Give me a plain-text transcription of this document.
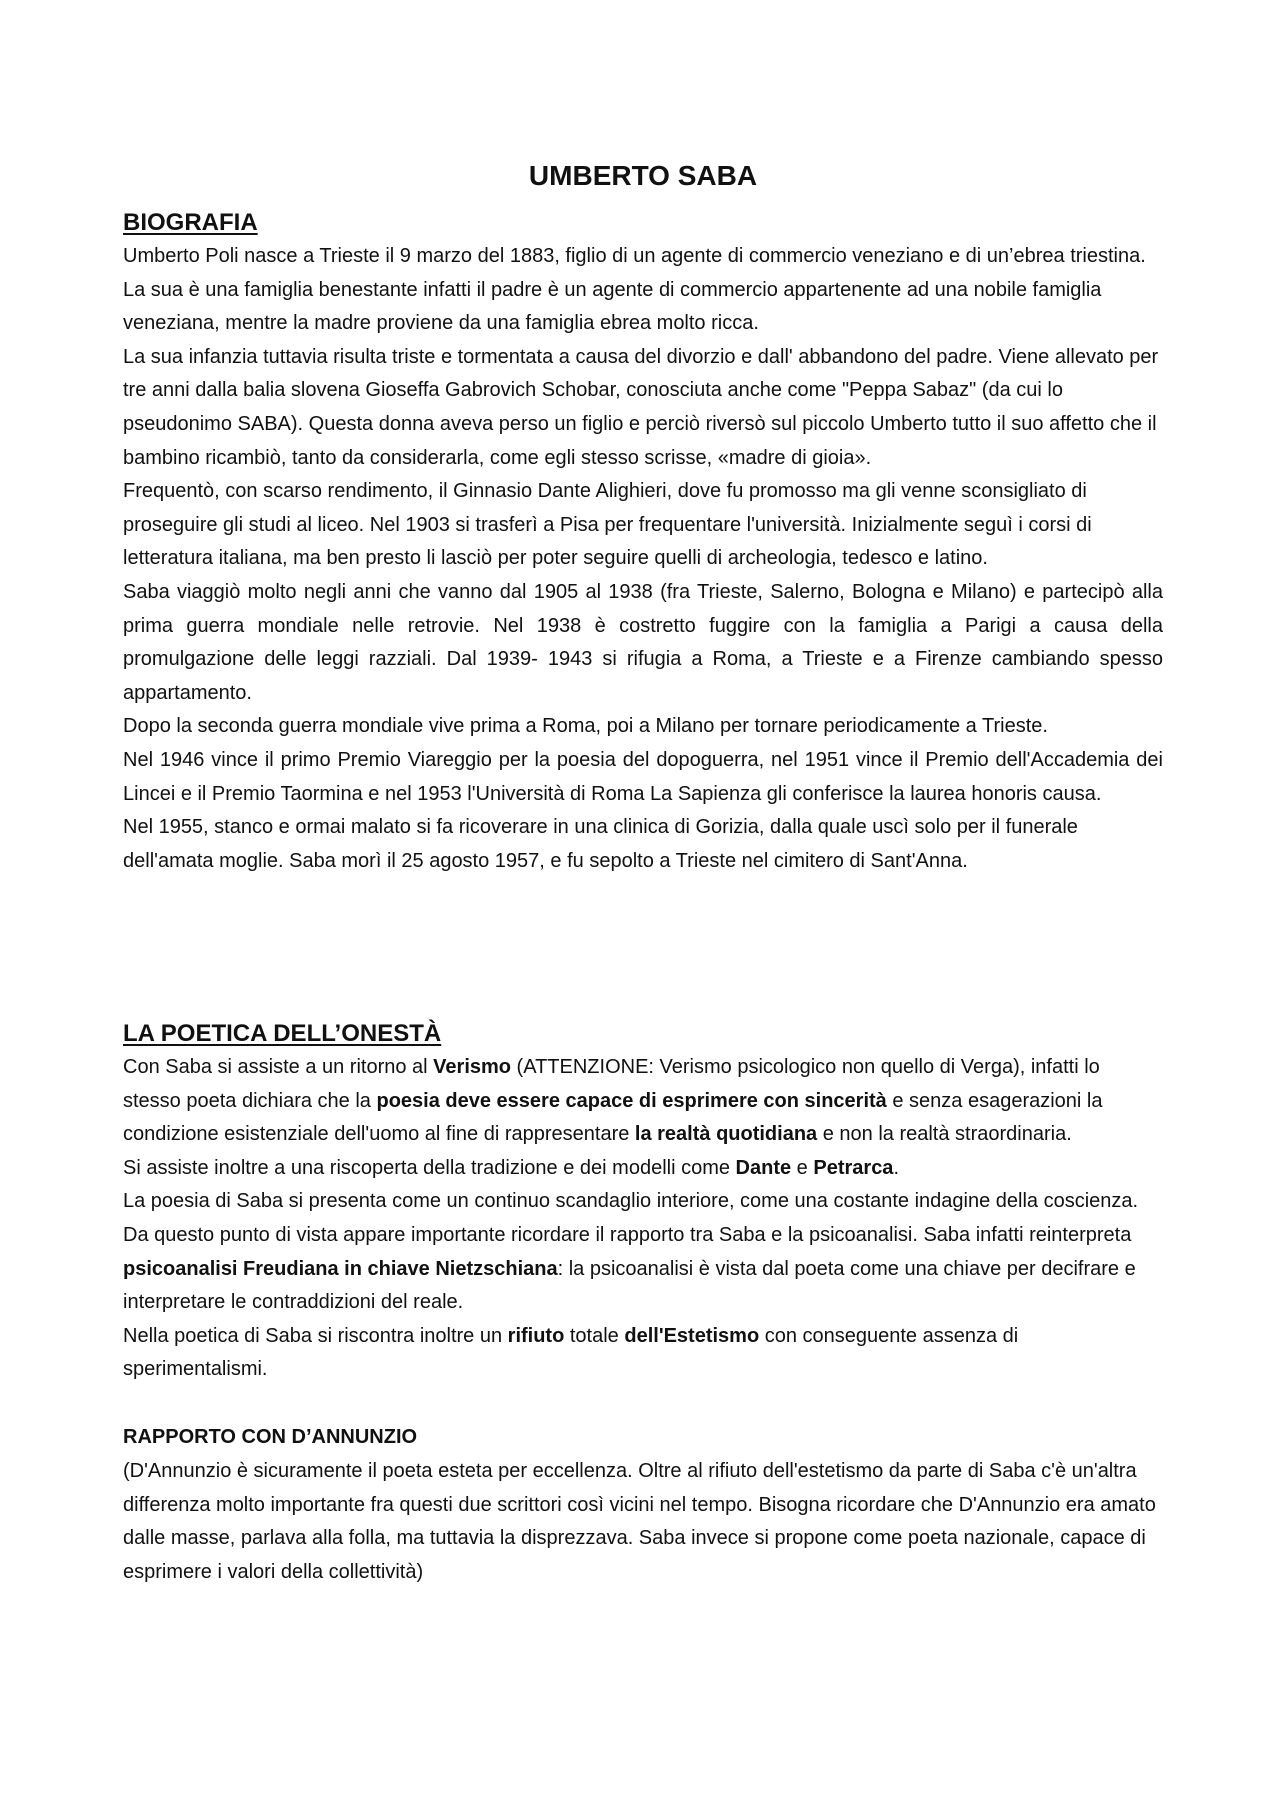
UMBERTO SABA
BIOGRAFIA

Umberto Poli nasce a Trieste il 9 marzo del 1883, figlio di un agente di commercio veneziano e di un’ebrea triestina. La sua è una famiglia benestante infatti il padre è un agente di commercio appartenente ad una nobile famiglia veneziana, mentre la madre proviene da una famiglia ebrea molto ricca.

La sua infanzia tuttavia risulta triste e tormentata a causa del divorzio e dall' abbandono del padre. Viene allevato per tre anni dalla balia slovena Gioseffa Gabrovich Schobar, conosciuta anche come "Peppa Sabaz" (da cui lo pseudonimo SABA). Questa donna aveva perso un figlio e perciò riversò sul piccolo Umberto tutto il suo affetto che il bambino ricambiò, tanto da considerarla, come egli stesso scrisse, «madre di gioia».

Frequentò, con scarso rendimento, il Ginnasio Dante Alighieri, dove fu promosso ma gli venne sconsigliato di proseguire gli studi al liceo. Nel 1903 si trasferì a Pisa per frequentare l'università. Inizialmente seguì i corsi di letteratura italiana, ma ben presto li lasciò per poter seguire quelli di archeologia, tedesco e latino.

Saba viaggiò molto negli anni che vanno dal 1905 al 1938 (fra Trieste, Salerno, Bologna e Milano) e partecipò alla prima guerra mondiale nelle retrovie. Nel 1938 è costretto fuggire con la famiglia a Parigi a causa della promulgazione delle leggi razziali. Dal 1939- 1943 si rifugia a Roma, a Trieste e a Firenze cambiando spesso appartamento.

Dopo la seconda guerra mondiale vive prima a Roma, poi a Milano per tornare periodicamente a Trieste.

Nel 1946 vince il primo Premio Viareggio per la poesia del dopoguerra, nel 1951 vince il Premio dell'Accademia dei Lincei e il Premio Taormina e nel 1953 l'Università di Roma La Sapienza gli conferisce la laurea honoris causa.

Nel 1955, stanco e ormai malato si fa ricoverare in una clinica di Gorizia, dalla quale uscì solo per il funerale dell'amata moglie. Saba morì il 25 agosto 1957, e fu sepolto a Trieste nel cimitero di Sant'Anna.

LA POETICA DELL’ONESTÀ

Con Saba si assiste a un ritorno al Verismo (ATTENZIONE: Verismo psicologico non quello di Verga), infatti lo stesso poeta dichiara che la poesia deve essere capace di esprimere con sincerità e senza esagerazioni la condizione esistenziale dell'uomo al fine di rappresentare la realtà quotidiana e non la realtà straordinaria.

Si assiste inoltre a una riscoperta della tradizione e dei modelli come Dante e Petrarca.

La poesia di Saba si presenta come un continuo scandaglio interiore, come una costante indagine della coscienza. Da questo punto di vista appare importante ricordare il rapporto tra Saba e la psicoanalisi. Saba infatti reinterpreta psicoanalisi Freudiana in chiave Nietzschiana: la psicoanalisi è vista dal poeta come una chiave per decifrare e interpretare le contraddizioni del reale.

Nella poetica di Saba si riscontra inoltre un rifiuto totale dell'Estetismo con conseguente assenza di sperimentalismi.

RAPPORTO CON D’ANNUNZIO

(D'Annunzio è sicuramente il poeta esteta per eccellenza. Oltre al rifiuto dell'estetismo da parte di Saba c'è un'altra differenza molto importante fra questi due scrittori così vicini nel tempo. Bisogna ricordare che D'Annunzio era amato dalle masse, parlava alla folla, ma tuttavia la disprezzava. Saba invece si propone come poeta nazionale, capace di esprimere i valori della collettività)
